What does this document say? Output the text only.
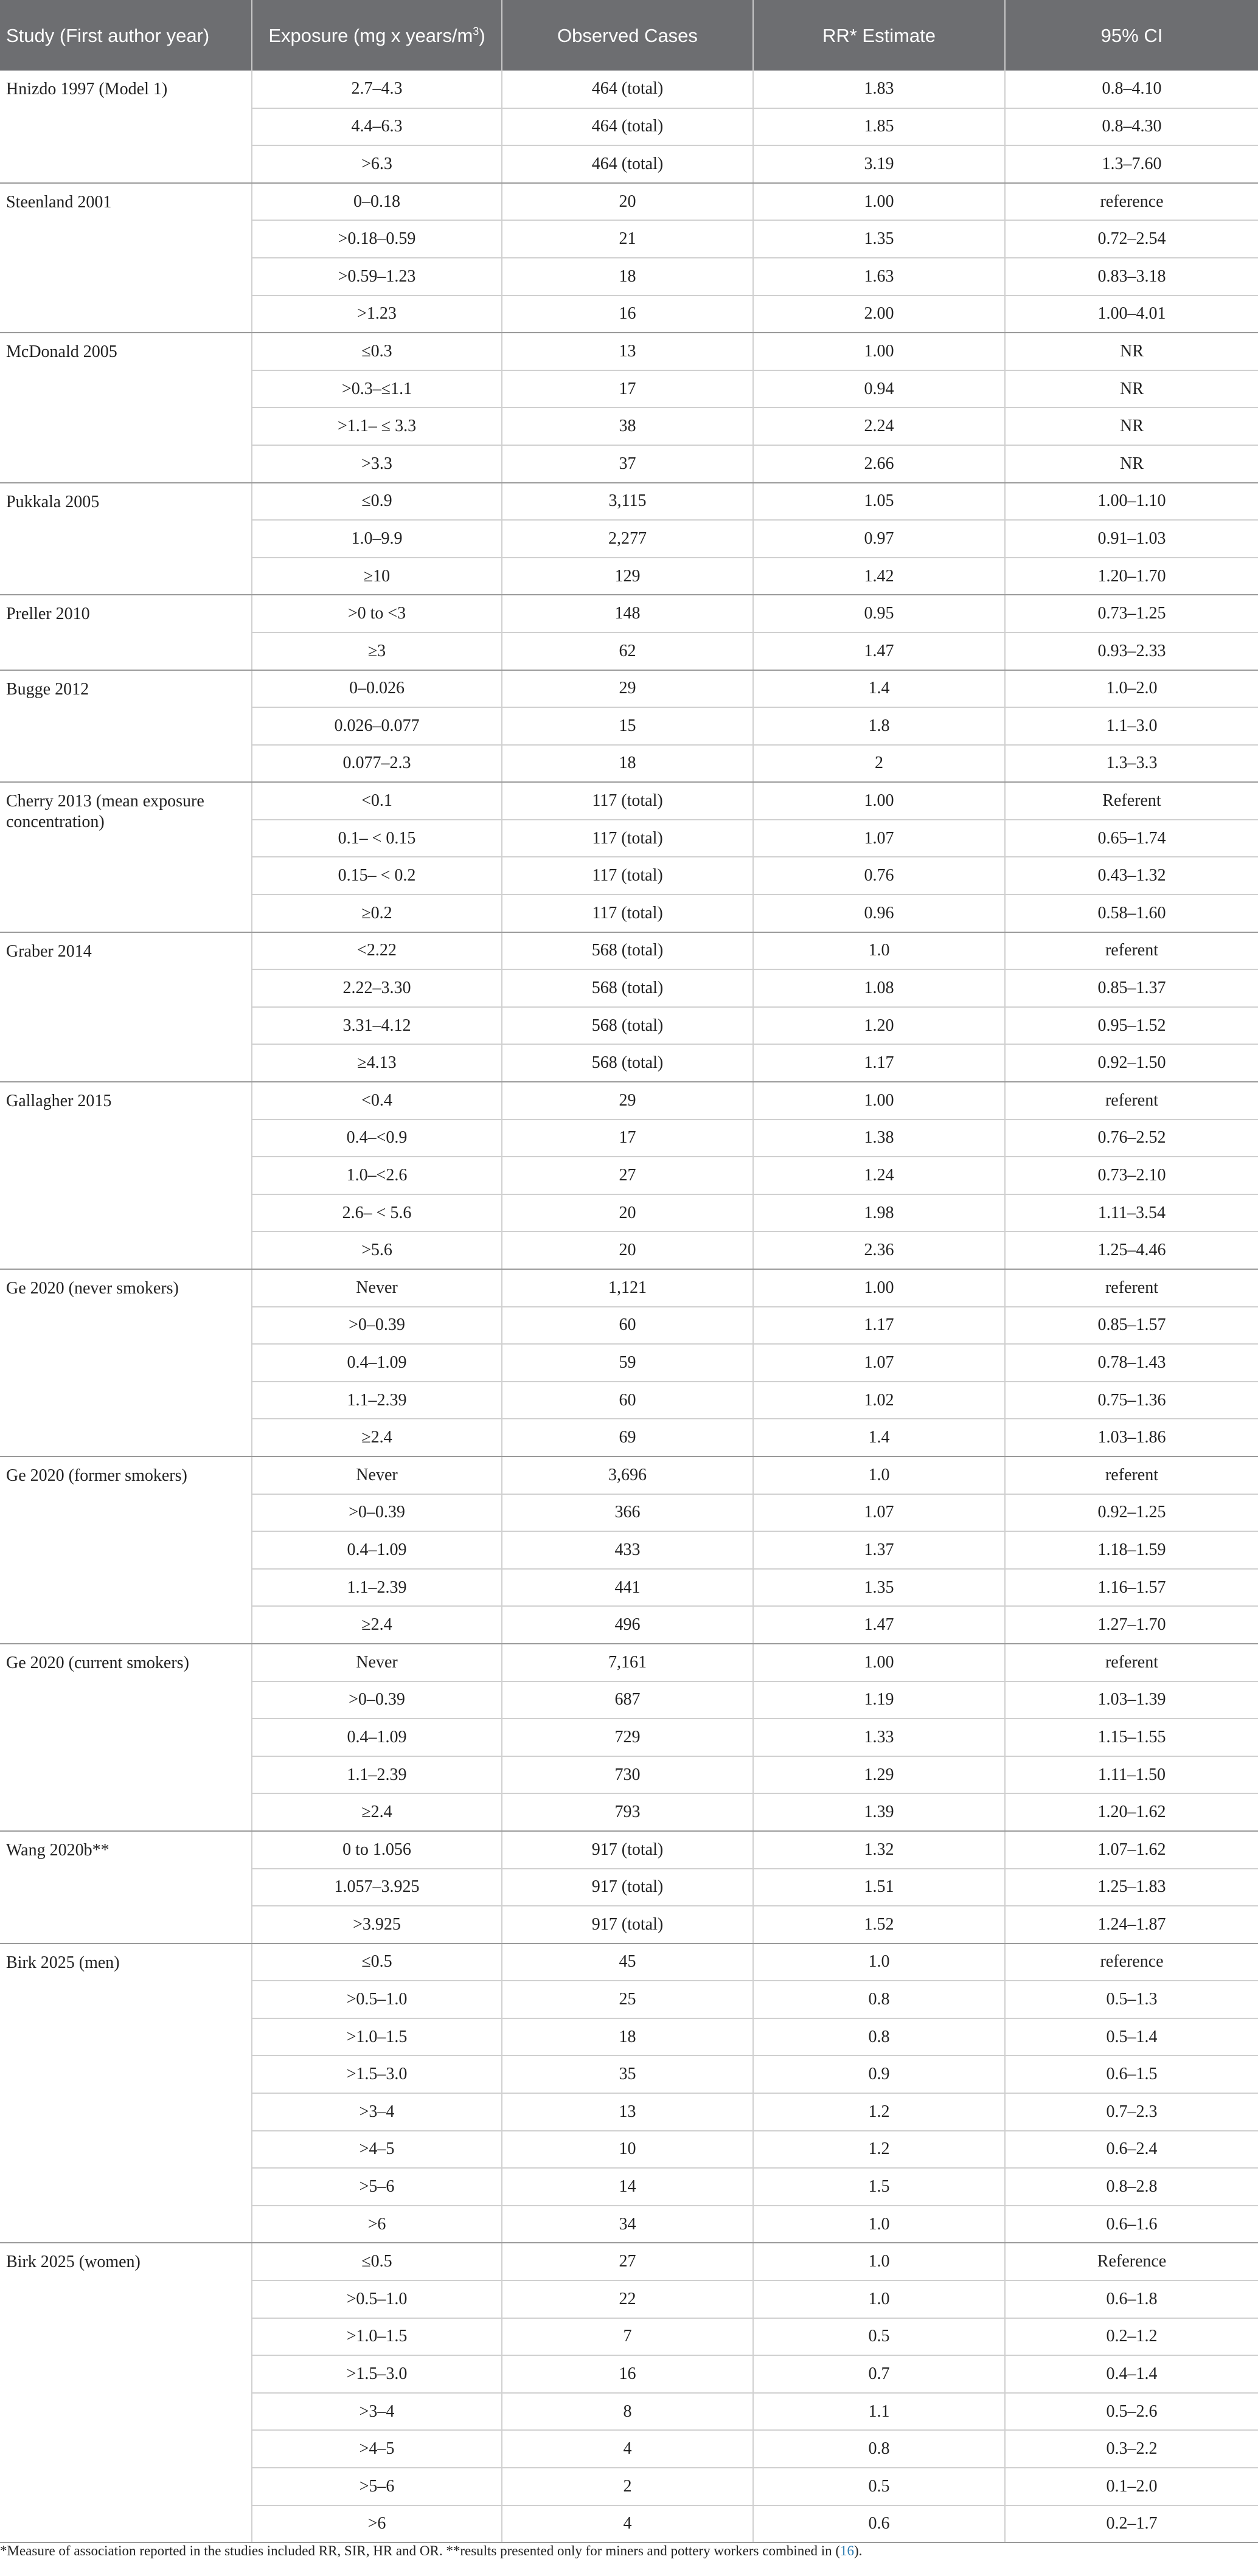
Study (First author year)	Exposure (mg x years/$m^3$)	Observed Cases	RR* Estimate	95% CI
Hnizdo 1997 (Model 1)	2.7–4.3	464 (total)	1.83	0.8–4.10
	4.4–6.3	464 (total)	1.85	0.8–4.30
	>6.3	464 (total)	3.19	1.3–7.60
Steenland 2001	0–0.18	20	1.00	reference
	>0.18–0.59	21	1.35	0.72–2.54
	>0.59–1.23	18	1.63	0.83–3.18
	>1.23	16	2.00	1.00–4.01
McDonald 2005	≤0.3	13	1.00	NR
	>0.3–≤1.1	17	0.94	NR
	>1.1– ≤ 3.3	38	2.24	NR
	>3.3	37	2.66	NR
Pukkala 2005	≤0.9	3,115	1.05	1.00–1.10
	1.0–9.9	2,277	0.97	0.91–1.03
	≥10	129	1.42	1.20–1.70
Preller 2010	>0 to <3	148	0.95	0.73–1.25
	≥3	62	1.47	0.93–2.33
Bugge 2012	0–0.026	29	1.4	1.0–2.0
	0.026–0.077	15	1.8	1.1–3.0
	0.077–2.3	18	2	1.3–3.3
Cherry 2013 (mean exposure concentration)	<0.1	117 (total)	1.00	Referent
	0.1– < 0.15	117 (total)	1.07	0.65–1.74
	0.15– < 0.2	117 (total)	0.76	0.43–1.32
	≥0.2	117 (total)	0.96	0.58–1.60
Graber 2014	<2.22	568 (total)	1.0	referent
	2.22–3.30	568 (total)	1.08	0.85–1.37
	3.31–4.12	568 (total)	1.20	0.95–1.52
	≥4.13	568 (total)	1.17	0.92–1.50
Gallagher 2015	<0.4	29	1.00	referent
	0.4–<0.9	17	1.38	0.76–2.52
	1.0–<2.6	27	1.24	0.73–2.10
	2.6– < 5.6	20	1.98	1.11–3.54
	>5.6	20	2.36	1.25–4.46
Ge 2020 (never smokers)	Never	1,121	1.00	referent
	>0–0.39	60	1.17	0.85–1.57
	0.4–1.09	59	1.07	0.78–1.43
	1.1–2.39	60	1.02	0.75–1.36
	≥2.4	69	1.4	1.03–1.86
Ge 2020 (former smokers)	Never	3,696	1.0	referent
	>0–0.39	366	1.07	0.92–1.25
	0.4–1.09	433	1.37	1.18–1.59
	1.1–2.39	441	1.35	1.16–1.57
	≥2.4	496	1.47	1.27–1.70
Ge 2020 (current smokers)	Never	7,161	1.00	referent
	>0–0.39	687	1.19	1.03–1.39
	0.4–1.09	729	1.33	1.15–1.55
	1.1–2.39	730	1.29	1.11–1.50
	≥2.4	793	1.39	1.20–1.62
Wang 2020b**	0 to 1.056	917 (total)	1.32	1.07–1.62
	1.057–3.925	917 (total)	1.51	1.25–1.83
	>3.925	917 (total)	1.52	1.24–1.87
Birk 2025 (men)	≤0.5	45	1.0	reference
	>0.5–1.0	25	0.8	0.5–1.3
	>1.0–1.5	18	0.8	0.5–1.4
	>1.5–3.0	35	0.9	0.6–1.5
	>3–4	13	1.2	0.7–2.3
	>4–5	10	1.2	0.6–2.4
	>5–6	14	1.5	0.8–2.8
	>6	34	1.0	0.6–1.6
Birk 2025 (women)	≤0.5	27	1.0	Reference
	>0.5–1.0	22	1.0	0.6–1.8
	>1.0–1.5	7	0.5	0.2–1.2
	>1.5–3.0	16	0.7	0.4–1.4
	>3–4	8	1.1	0.5–2.6
	>4–5	4	0.8	0.3–2.2
	>5–6	2	0.5	0.1–2.0
	>6	4	0.6	0.2–1.7
*Measure of association reported in the studies included RR, SIR, HR and OR. **results presented only for miners and pottery workers combined in (16).
